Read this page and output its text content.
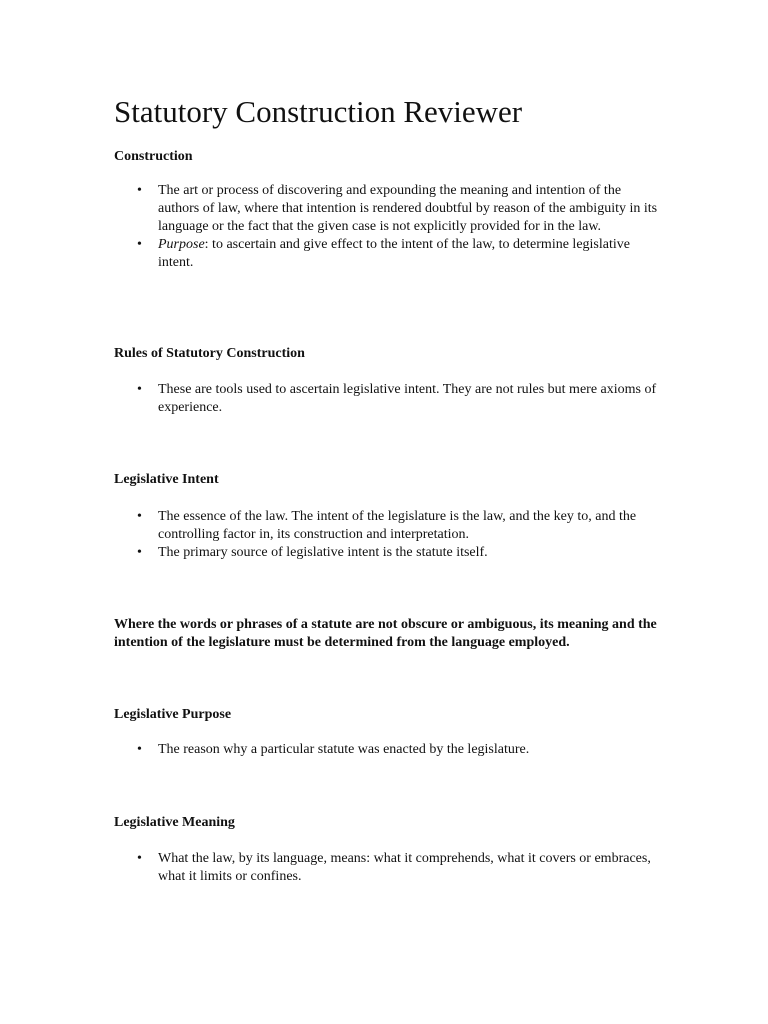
Statutory Construction Reviewer
Construction
• The art or process of discovering and expounding the meaning and intention of the authors of law, where that intention is rendered doubtful by reason of the ambiguity in its language or the fact that the given case is not explicitly provided for in the law.
• Purpose: to ascertain and give effect to the intent of the law, to determine legislative intent.
Rules of Statutory Construction
• These are tools used to ascertain legislative intent. They are not rules but mere axioms of experience.
Legislative Intent
• The essence of the law. The intent of the legislature is the law, and the key to, and the controlling factor in, its construction and interpretation.
• The primary source of legislative intent is the statute itself.

Where the words or phrases of a statute are not obscure or ambiguous, its meaning and the intention of the legislature must be determined from the language employed.

Legislative Purpose
• The reason why a particular statute was enacted by the legislature.
Legislative Meaning
• What the law, by its language, means: what it comprehends, what it covers or embraces, what it limits or confines.
